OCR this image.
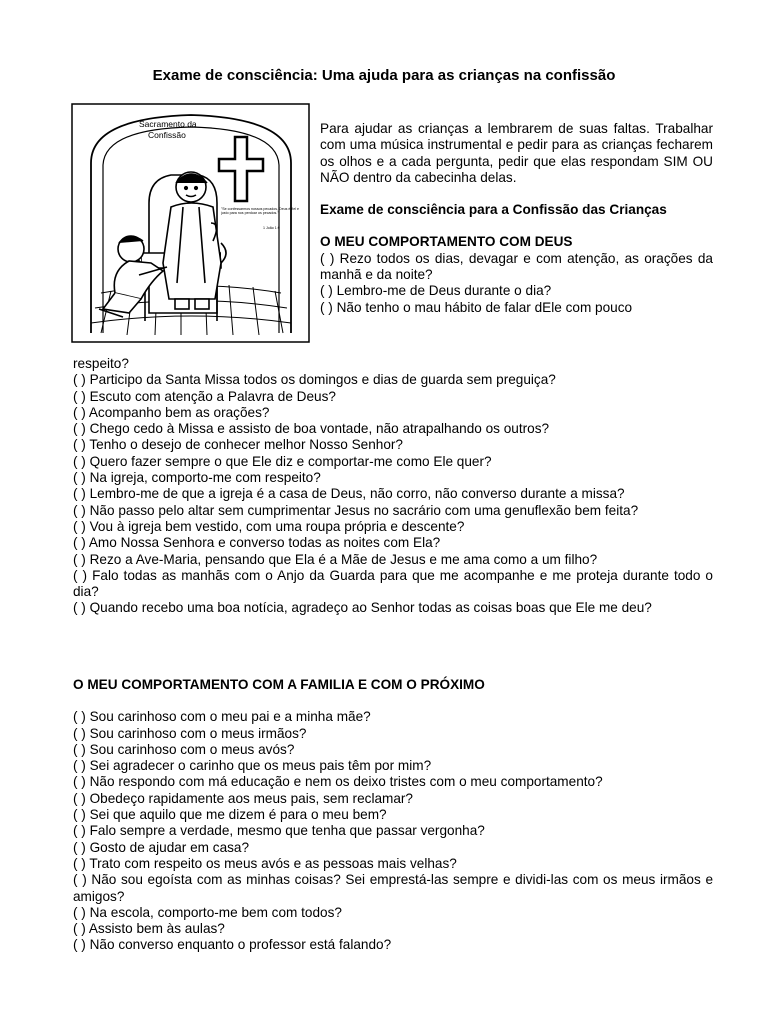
Exame de consciência: Uma ajuda para as crianças na confissão
Sacramento da
Confissão
"Se confessarmos nossos pecados, Deus é fiel e justo para nos perdoar os pecados."
1 João 1:9

Para ajudar as crianças a lembrarem de suas faltas. Trabalhar com uma música instrumental e pedir para as crianças fecharem os olhos e a cada pergunta, pedir que elas respondam SIM OU NÃO dentro da cabecinha delas.

Exame de consciência para a Confissão das Crianças

O MEU COMPORTAMENTO COM DEUS

( ) Rezo todos os dias, devagar e com atenção, as orações da manhã e da noite?

( ) Lembro-me de Deus durante o dia?

( ) Não tenho o mau hábito de falar dEle com pouco

respeito?

( ) Participo da Santa Missa todos os domingos e dias de guarda sem preguiça?

( ) Escuto com atenção a Palavra de Deus?

( ) Acompanho bem as orações?

( ) Chego cedo à Missa e assisto de boa vontade, não atrapalhando os outros?

( ) Tenho o desejo de conhecer melhor Nosso Senhor?

( ) Quero fazer sempre o que Ele diz e comportar-me como Ele quer?

( ) Na igreja, comporto-me com respeito?

( ) Lembro-me de que a igreja é a casa de Deus, não corro, não converso durante a missa?

( ) Não passo pelo altar sem cumprimentar Jesus no sacrário com uma genuflexão bem feita?

( ) Vou à igreja bem vestido, com uma roupa própria e descente?

( ) Amo Nossa Senhora e converso todas as noites com Ela?

( ) Rezo a Ave-Maria, pensando que Ela é a Mãe de Jesus e me ama como a um filho?

( ) Falo todas as manhãs com o Anjo da Guarda para que me acompanhe e me proteja durante todo o dia?

( ) Quando recebo uma boa notícia, agradeço ao Senhor todas as coisas boas que Ele me deu?

O MEU COMPORTAMENTO COM A FAMILIA E COM O PRÓXIMO

( ) Sou carinhoso com o meu pai e a minha mãe?

( ) Sou carinhoso com o meus irmãos?

( ) Sou carinhoso com o meus avós?

( ) Sei agradecer o carinho que os meus pais têm por mim?

( ) Não respondo com má educação e nem os deixo tristes com o meu comportamento?

( ) Obedeço rapidamente aos meus pais, sem reclamar?

( ) Sei que aquilo que me dizem é para o meu bem?

( ) Falo sempre a verdade, mesmo que tenha que passar vergonha?

( ) Gosto de ajudar em casa?

( ) Trato com respeito os meus avós e as pessoas mais velhas?

( ) Não sou egoísta com as minhas coisas? Sei emprestá-las sempre e dividi-las com os meus irmãos e amigos?

( ) Na escola, comporto-me bem com todos?

( ) Assisto bem às aulas?

( ) Não converso enquanto o professor está falando?
